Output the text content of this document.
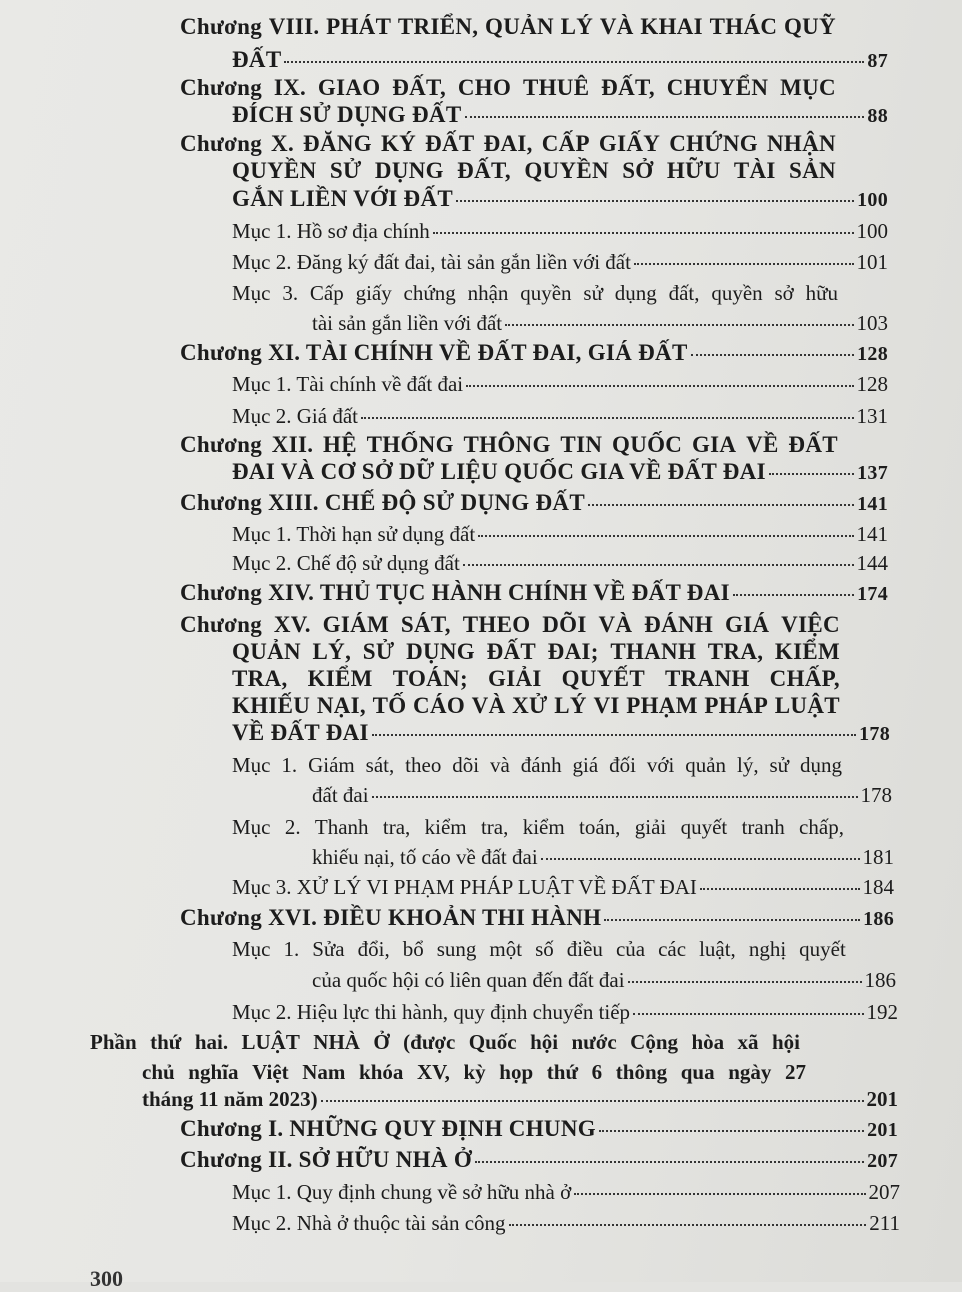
Chương VIII. PHÁT TRIỂN, QUẢN LÝ VÀ KHAI THÁC QUỸ
ĐẤT	87
Chương IX. GIAO ĐẤT, CHO THUÊ ĐẤT, CHUYỂN MỤC
ĐÍCH SỬ DỤNG ĐẤT	88
Chương X. ĐĂNG KÝ ĐẤT ĐAI, CẤP GIẤY CHỨNG NHẬN
QUYỀN SỬ DỤNG ĐẤT, QUYỀN SỞ HỮU TÀI SẢN
GẮN LIỀN VỚI ĐẤT	100
Mục 1. Hồ sơ địa chính	100
Mục 2. Đăng ký đất đai, tài sản gắn liền với đất	101
Mục 3. Cấp giấy chứng nhận quyền sử dụng đất, quyền sở hữu
tài sản gắn liền với đất	103
Chương XI. TÀI CHÍNH VỀ ĐẤT ĐAI, GIÁ ĐẤT	128
Mục 1. Tài chính về đất đai	128
Mục 2. Giá đất	131
Chương XII. HỆ THỐNG THÔNG TIN QUỐC GIA VỀ ĐẤT
ĐAI VÀ CƠ SỞ DỮ LIỆU QUỐC GIA VỀ ĐẤT ĐAI	137
Chương XIII. CHẾ ĐỘ SỬ DỤNG ĐẤT	141
Mục 1. Thời hạn sử dụng đất	141
Mục 2. Chế độ sử dụng đất	144
Chương XIV. THỦ TỤC HÀNH CHÍNH VỀ ĐẤT ĐAI	174
Chương XV. GIÁM SÁT, THEO DÕI VÀ ĐÁNH GIÁ VIỆC
QUẢN LÝ, SỬ DỤNG ĐẤT ĐAI; THANH TRA, KIỂM
TRA, KIỂM TOÁN; GIẢI QUYẾT TRANH CHẤP,
KHIẾU NẠI, TỐ CÁO VÀ XỬ LÝ VI PHẠM PHÁP LUẬT
VỀ ĐẤT ĐAI	178
Mục 1. Giám sát, theo dõi và đánh giá đối với quản lý, sử dụng
đất đai	178
Mục 2. Thanh tra, kiểm tra, kiểm toán, giải quyết tranh chấp,
khiếu nại, tố cáo về đất đai	181
Mục 3. XỬ LÝ VI PHẠM PHÁP LUẬT VỀ ĐẤT ĐAI	184
Chương XVI. ĐIỀU KHOẢN THI HÀNH	186
Mục 1. Sửa đổi, bổ sung một số điều của các luật, nghị quyết
của quốc hội có liên quan đến đất đai	186
Mục 2. Hiệu lực thi hành, quy định chuyển tiếp	192
Phần thứ hai. LUẬT NHÀ Ở (được Quốc hội nước Cộng hòa xã hội
chủ nghĩa Việt Nam khóa XV, kỳ họp thứ 6 thông qua ngày 27
tháng 11 năm 2023)	201
Chương I. NHỮNG QUY ĐỊNH CHUNG	201
Chương II. SỞ HỮU NHÀ Ở	207
Mục 1. Quy định chung về sở hữu nhà ở	207
Mục 2. Nhà ở thuộc tài sản công	211
300
